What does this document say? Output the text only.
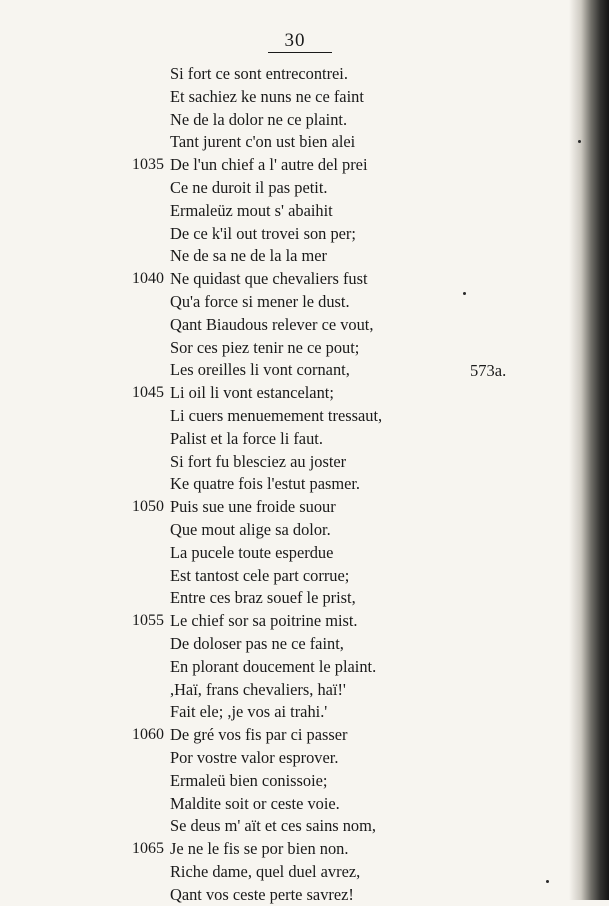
30
Si fort ce sont entrecontrei.
Et sachiez ke nuns ne ce faint
Ne de la dolor ne ce plaint.
Tant jurent c'on ust bien alei
1035 De l'un chief a l' autre del prei
Ce ne duroit il pas petit.
Ermaleüz mout s' abaihit
De ce k'il out trovei son per;
Ne de sa ne de la la mer
1040 Ne quidast que chevaliers fust
Qu'a force si mener le dust.
Qant Biaudous relever ce vout,
Sor ces piez tenir ne ce pout;
Les oreilles li vont cornant,
1045 Li oil li vont estancelant;
Li cuers menuemement tressaut,
Palist et la force li faut.
Si fort fu blesciez au joster
Ke quatre fois l'estut pasmer.
1050 Puis sue une froide suour
Que mout alige sa dolor.
La pucele toute esperdue
Est tantost cele part corrue;
Entre ces braz souef le prist,
1055 Le chief sor sa poitrine mist.
De doloser pas ne ce faint,
En plorant doucement le plaint.
,Haï, frans chevaliers, haï!'
Fait ele; ,je vos ai trahi.'
1060 De gré vos fis par ci passer
Por vostre valor esprover.
Ermaleü bien conissoie;
Maldite soit or ceste voie.
Se deus m' aït et ces sains nom,
1065 Je ne le fis se por bien non.
Riche dame, quel duel avrez,
Qant vos ceste perte savrez!
573a.
